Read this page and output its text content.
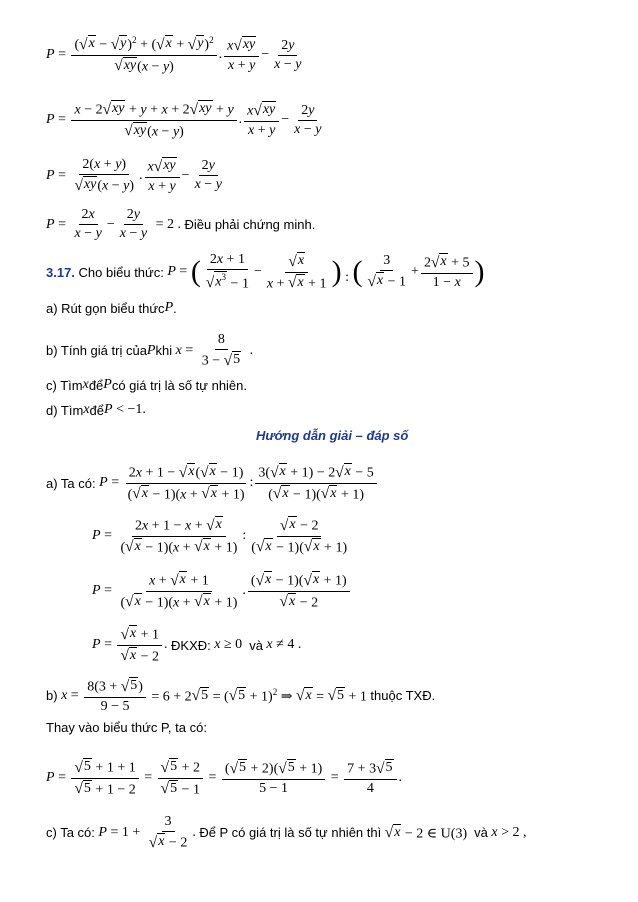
$P = \frac{( √ x - √ y )^2 + ( √ x + √ y )^2}{√ xy (x - y)}$ . $\frac{x √ xy}{x + y} - \frac{2y}{x - y}$
$P = \frac{x - 2 √ xy + y + x + 2 √ xy + y}{√ xy (x - y)}$ . $\frac{x √ xy}{x + y} - \frac{2y}{x - y}$
$P = \frac{2(x + y)}{√ xy (x - y)}$ . $\frac{x √ xy}{x + y} - \frac{2y}{x - y}$
$P = \frac{2x}{x - y} - \frac{2y}{x - y} = 2$ . Điều phải chứng minh.
3.17.
Cho biểu thức: P = ( $\frac{2x + 1}{√ x^3 - 1} - \frac{√ x}{x + √ x + 1}$ ) : ( $\frac{3}{√ x - 1} + \frac{2 √ x + 5}{1 - x}$ )
a) Rút gọn biểu thức P .
b) Tính giá trị của P khi $x = \frac{8}{3 - √ 5}$ .
c) Tìm x để P có giá trị là số tự nhiên.
d) Tìm x để P < −1.
Hướng dẫn giải – đáp số
a) Ta có: $P = \frac{2x + 1 - √ x ( √ x - 1)}{( √ x - 1)(x + √ x + 1)}$ : $\frac{3( √ x + 1) - 2 √ x - 5}{( √ x - 1)( √ x + 1)}$
$P = \frac{2x + 1 - x + √ x}{( √ x - 1)(x + √ x + 1)}$ : $\frac{√ x - 2}{( √ x - 1)( √ x + 1)}$
$P = \frac{x + √ x + 1}{( √ x - 1)(x + √ x + 1)}$ . $\frac{( √ x - 1)( √ x + 1)}{√ x - 2}$
$P = \frac{√ x + 1}{√ x - 2}$ . ĐKXĐ: x ≥ 0 và x ≠ 4 .
b) $x = \frac{8(3 + √ 5 )}{9 - 5} = 6 + 2$ √ 5 = ( √ 5 + 1)$^2$ ⇒ √ x = √ 5 + 1 thuộc TXĐ.
Thay vào biểu thức P, ta có:
$P = \frac{√ 5 + 1 + 1}{√ 5 + 1 - 2} = \frac{√ 5 + 2}{√ 5 - 1} = \frac{( √ 5 + 2)( √ 5 + 1)}{5 - 1} = \frac{7 + 3 √ 5}{4}$ .
c) Ta có: $P = 1 + \frac{3}{√ x - 2}$ . Để P có giá trị là số tự nhiên thì
√ x − 2 ∈ U(3) và x > 2 ,
